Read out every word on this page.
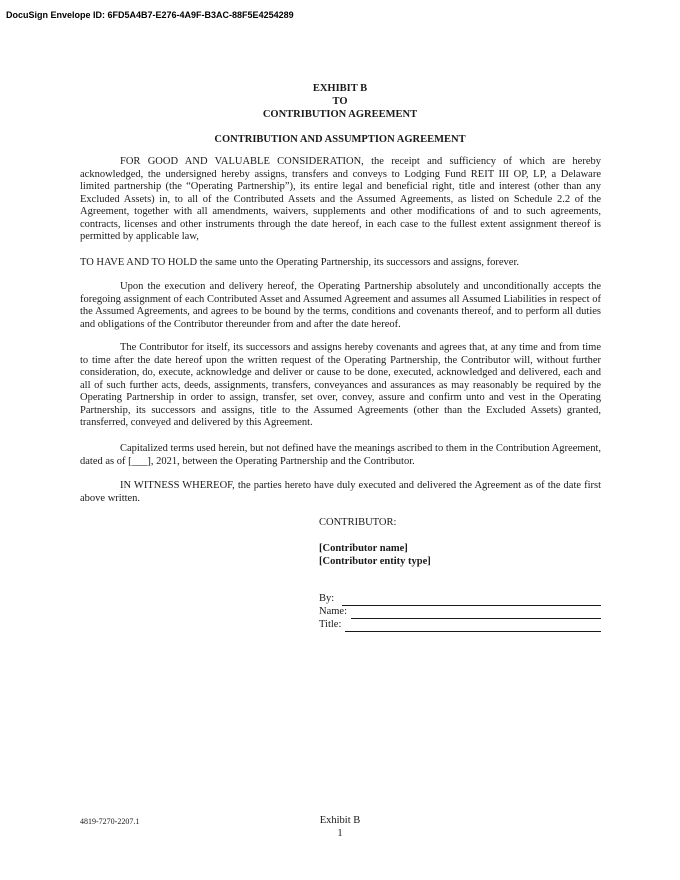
DocuSign Envelope ID: 6FD5A4B7-E276-4A9F-B3AC-88F5E4254289
EXHIBIT B
TO
CONTRIBUTION AGREEMENT
CONTRIBUTION AND ASSUMPTION AGREEMENT

FOR GOOD AND VALUABLE CONSIDERATION, the receipt and sufficiency of which are hereby acknowledged, the undersigned hereby assigns, transfers and conveys to Lodging Fund REIT III OP, LP, a Delaware limited partnership (the “Operating Partnership”), its entire legal and beneficial right, title and interest (other than any Excluded Assets) in, to all of the Contributed Assets and the Assumed Agreements, as listed on Schedule 2.2 of the Agreement, together with all amendments, waivers, supplements and other modifications of and to such agreements, contracts, licenses and other instruments through the date hereof, in each case to the fullest extent assignment thereof is permitted by applicable law,

TO HAVE AND TO HOLD the same unto the Operating Partnership, its successors and assigns, forever.

Upon the execution and delivery hereof, the Operating Partnership absolutely and unconditionally accepts the foregoing assignment of each Contributed Asset and Assumed Agreement and assumes all Assumed Liabilities in respect of the Assumed Agreements, and agrees to be bound by the terms, conditions and covenants thereof, and to perform all duties and obligations of the Contributor thereunder from and after the date hereof.

The Contributor for itself, its successors and assigns hereby covenants and agrees that, at any time and from time to time after the date hereof upon the written request of the Operating Partnership, the Contributor will, without further consideration, do, execute, acknowledge and deliver or cause to be done, executed, acknowledged and delivered, each and all of such further acts, deeds, assignments, transfers, conveyances and assurances as may reasonably be required by the Operating Partnership in order to assign, transfer, set over, convey, assure and confirm unto and vest in the Operating Partnership, its successors and assigns, title to the Assumed Agreements (other than the Excluded Assets) granted, transferred, conveyed and delivered by this Agreement.

Capitalized terms used herein, but not defined have the meanings ascribed to them in the Contribution Agreement, dated as of [___], 2021, between the Operating Partnership and the Contributor.

IN WITNESS WHEREOF, the parties hereto have duly executed and delivered the Agreement as of the date first above written.

CONTRIBUTOR:
[Contributor name]
[Contributor entity type]
By:
Name:
Title:
4819-7270-2207.1	Exhibit B
1
